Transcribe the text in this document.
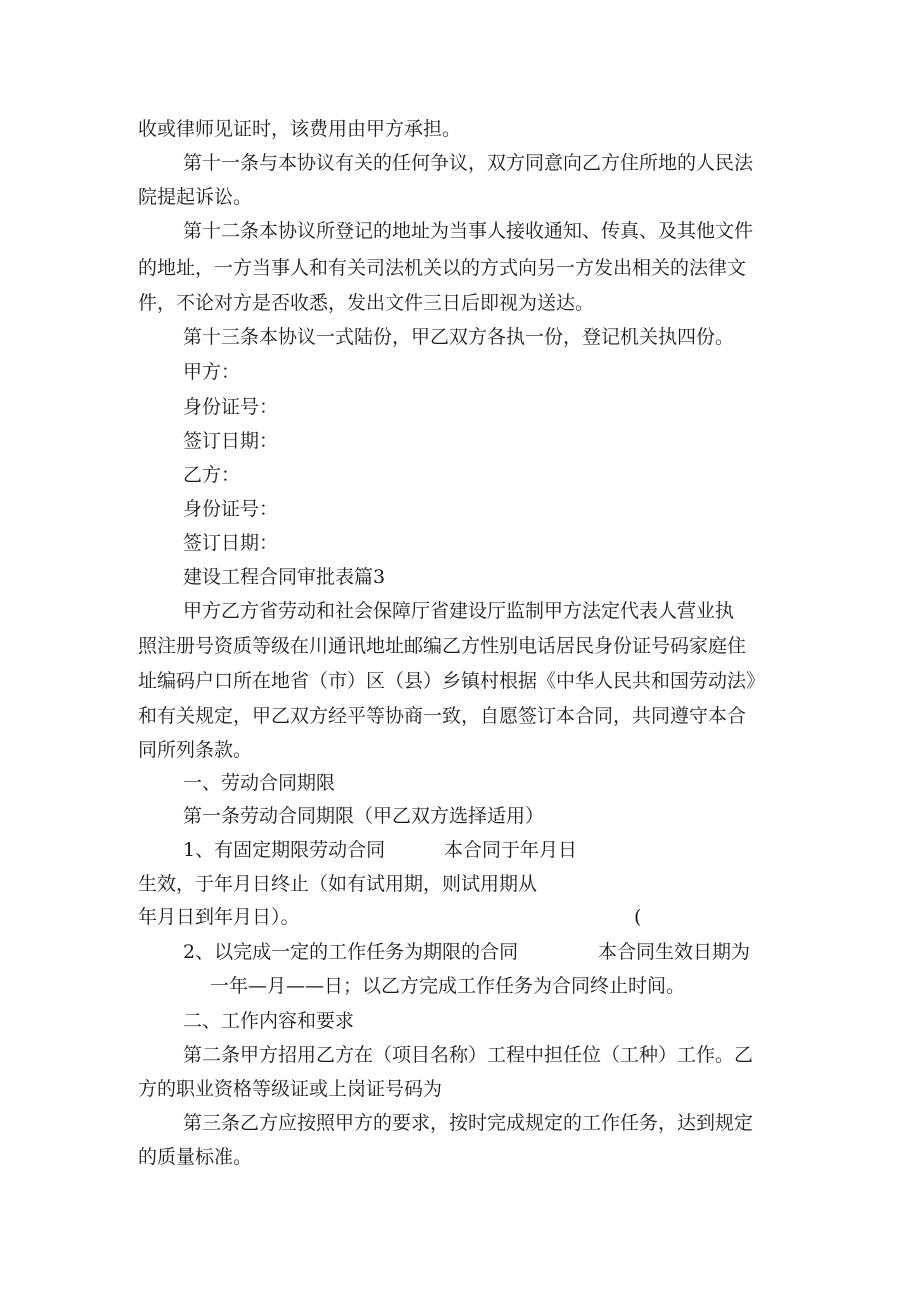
收或律师见证时，该费用由甲方承担。

第十一条与本协议有关的任何争议，双方同意向乙方住所地的人民法

院提起诉讼。

第十二条本协议所登记的地址为当事人接收通知、传真、及其他文件

的地址，一方当事人和有关司法机关以的方式向另一方发出相关的法律文

件，不论对方是否收悉，发出文件三日后即视为送达。

第十三条本协议一式陆份，甲乙双方各执一份，登记机关执四份。

甲方：

身份证号：

签订日期：

乙方：

身份证号：

签订日期：

建设工程合同审批表篇3

甲方乙方省劳动和社会保障厅省建设厅监制甲方法定代表人营业执

照注册号资质等级在川通讯地址邮编乙方性别电话居民身份证号码家庭住

址编码户口所在地省（市）区（县）乡镇村根据《中华人民共和国劳动法》

和有关规定，甲乙双方经平等协商一致，自愿签订本合同，共同遵守本合

同所列条款。

一、劳动合同期限

第一条劳动合同期限（甲乙双方选择适用）

1、有固定期限劳动合同	本合同于年月日

生效，于年月日终止（如有试用期，则试用期从

年月日到年月日）。	(

2、以完成一定的工作任务为期限的合同	本合同生效日期为

一年—月——日；以乙方完成工作任务为合同终止时间。

二、工作内容和要求

第二条甲方招用乙方在（项目名称）工程中担任位（工种）工作。乙

方的职业资格等级证或上岗证号码为

第三条乙方应按照甲方的要求，按时完成规定的工作任务，达到规定

的质量标准。
